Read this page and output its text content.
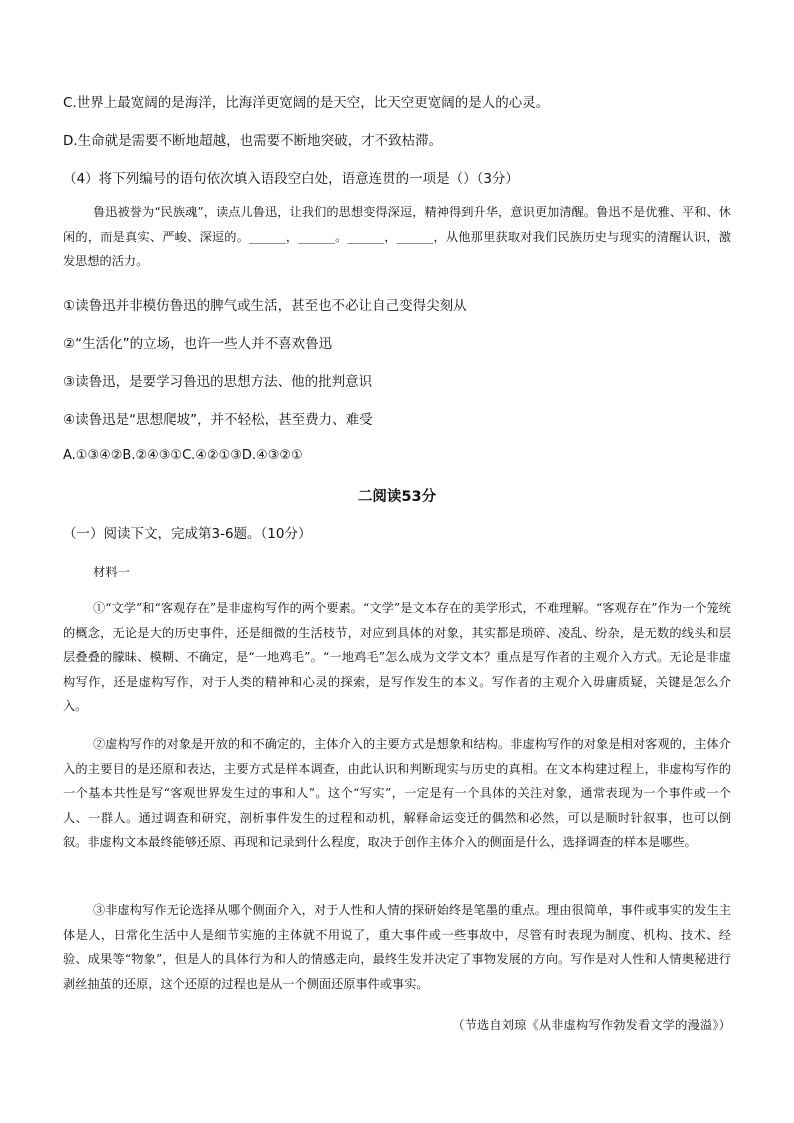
C.世界上最宽阔的是海洋，比海洋更宽阔的是天空，比天空更宽阔的是人的心灵。
D.生命就是需要不断地超越，也需要不断地突破，才不致枯滞。
（4）将下列编号的语句依次填入语段空白处，语意连贯的一项是（）（3分）

鲁迅被誉为“民族魂”，读点儿鲁迅，让我们的思想变得深逗，精神得到升华，意识更加清醒。鲁迅不是优雅、平和、休闲的，而是真实、严峻、深逗的。______，______。______，______，从他那里获取对我们民族历史与现实的清醒认识，激发思想的活力。

①读鲁迅并非模仿鲁迅的脾气或生活，甚至也不必让自己变得尖刻从
②“生活化”的立场，也许一些人并不喜欢鲁迅
③读鲁迅，是要学习鲁迅的思想方法、他的批判意识
④读鲁迅是“思想爬坡”，并不轻松，甚至费力、难受
A.①③④②B.②④③①C.④②①③D.④③②①
二阅读53分
（一）阅读下文，完成第3-6题。（10分）
材料一

①“文学”和“客观存在”是非虚构写作的两个要素。“文学”是文本存在的美学形式，不难理解。“客观存在”作为一个笼统的概念，无论是大的历史事件，还是细微的生活枝节，对应到具体的对象，其实都是琐碎、凌乱、纷杂，是无数的线头和层层叠叠的朦昧、模糊、不确定，是“一地鸡毛”。“一地鸡毛”怎么成为文学文本？重点是写作者的主观介入方式。无论是非虚构写作，还是虚构写作，对于人类的精神和心灵的探索，是写作发生的本义。写作者的主观介入毋庸质疑，关键是怎么介入。

②虚构写作的对象是开放的和不确定的，主体介入的主要方式是想象和结构。非虚构写作的对象是相对客观的，主体介入的主要目的是还原和表达，主要方式是样本调查，由此认识和判断现实与历史的真相。在文本构建过程上，非虚构写作的一个基本共性是写“客观世界发生过的事和人”。这个“写实”，一定是有一个具体的关注对象，通常表现为一个事件或一个人、一群人。通过调查和研究，剖析事件发生的过程和动机，解释命运变迁的偶然和必然，可以是顺时针叙事，也可以倒叙。非虚构文本最终能够还原、再现和记录到什么程度，取决于创作主体介入的侧面是什么，选择调查的样本是哪些。

③非虚构写作无论选择从哪个侧面介入，对于人性和人情的探研始终是笔墨的重点。理由很简单，事件或事实的发生主体是人，日常化生活中人是细节实施的主体就不用说了，重大事件或一些事故中，尽管有时表现为制度、机构、技术、经验、成果等“物象”，但是人的具体行为和人的情感走向，最终生发并决定了事物发展的方向。写作是对人性和人情奥秘进行剥丝抽茧的还原，这个还原的过程也是从一个侧面还原事件或事实。

（节选自刘琼《从非虚构写作勃发看文学的漫溢》）
